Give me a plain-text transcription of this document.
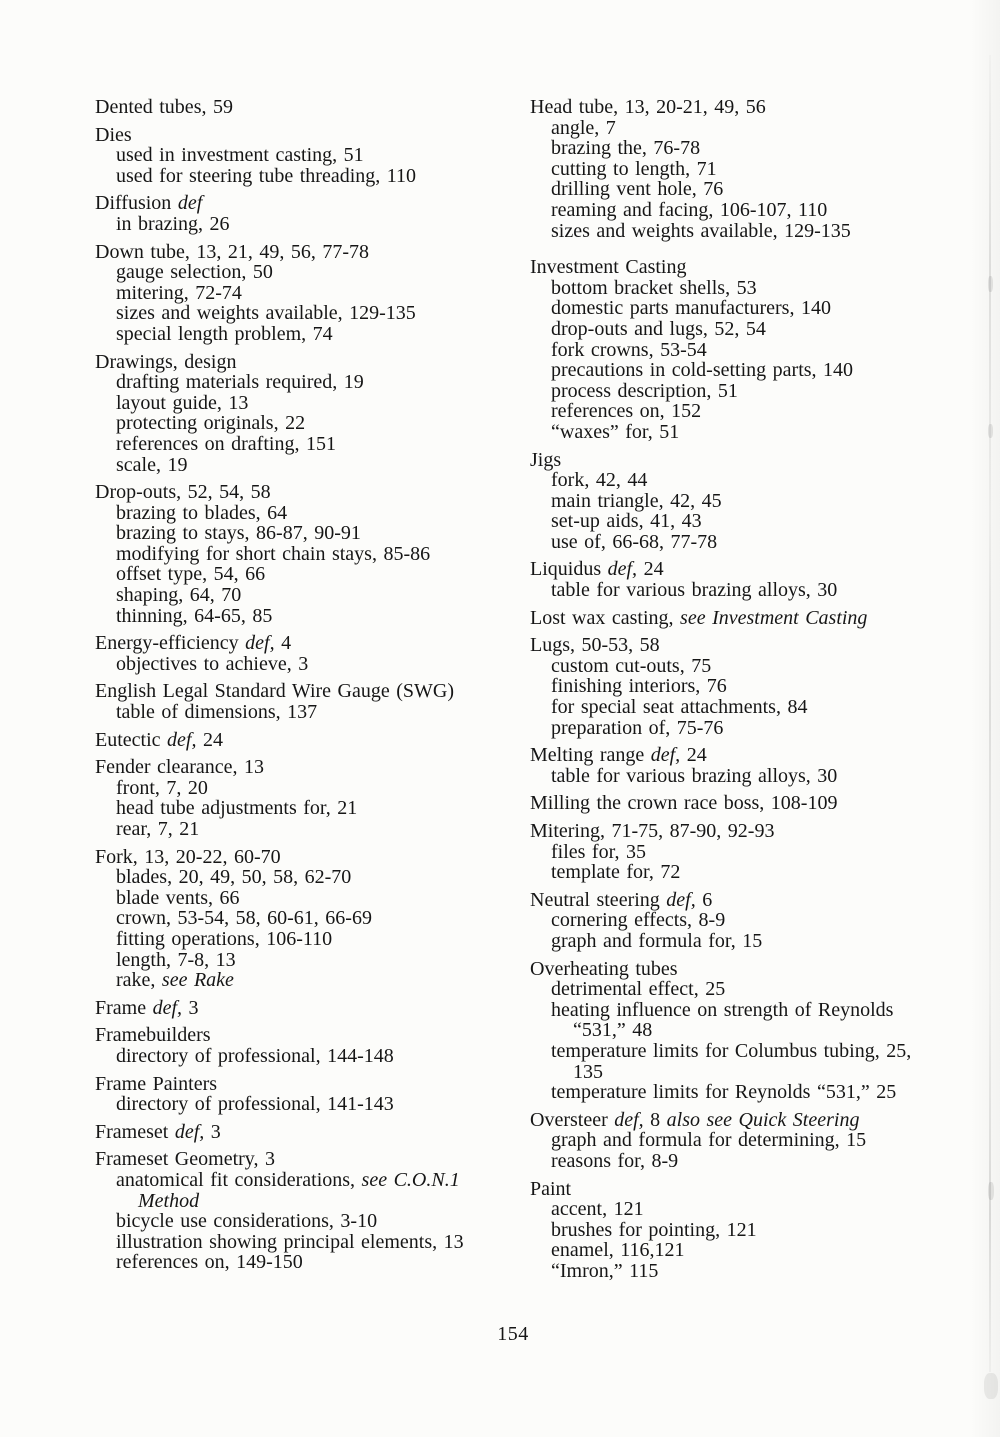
Dented tubes, 59
Dies
used in investment casting, 51
used for steering tube threading, 110
Diffusion def
in brazing, 26
Down tube, 13, 21, 49, 56, 77-78
gauge selection, 50
mitering, 72-74
sizes and weights available, 129-135
special length problem, 74
Drawings, design
drafting materials required, 19
layout guide, 13
protecting originals, 22
references on drafting, 151
scale, 19
Drop-outs, 52, 54, 58
brazing to blades, 64
brazing to stays, 86-87, 90-91
modifying for short chain stays, 85-86
offset type, 54, 66
shaping, 64, 70
thinning, 64-65, 85
Energy-efficiency def, 4
objectives to achieve, 3
English Legal Standard Wire Gauge (SWG)
table of dimensions, 137
Eutectic def, 24
Fender clearance, 13
front, 7, 20
head tube adjustments for, 21
rear, 7, 21
Fork, 13, 20-22, 60-70
blades, 20, 49, 50, 58, 62-70
blade vents, 66
crown, 53-54, 58, 60-61, 66-69
fitting operations, 106-110
length, 7-8, 13
rake, see Rake
Frame def, 3
Framebuilders
directory of professional, 144-148
Frame Painters
directory of professional, 141-143
Frameset def, 3
Frameset Geometry, 3
anatomical fit considerations, see C.O.N.1
Method
bicycle use considerations, 3-10
illustration showing principal elements, 13
references on, 149-150
Head tube, 13, 20-21, 49, 56
angle, 7
brazing the, 76-78
cutting to length, 71
drilling vent hole, 76
reaming and facing, 106-107, 110
sizes and weights available, 129-135
Investment Casting
bottom bracket shells, 53
domestic parts manufacturers, 140
drop-outs and lugs, 52, 54
fork crowns, 53-54
precautions in cold-setting parts, 140
process description, 51
references on, 152
“waxes” for, 51
Jigs
fork, 42, 44
main triangle, 42, 45
set-up aids, 41, 43
use of, 66-68, 77-78
Liquidus def, 24
table for various brazing alloys, 30
Lost wax casting, see Investment Casting
Lugs, 50-53, 58
custom cut-outs, 75
finishing interiors, 76
for special seat attachments, 84
preparation of, 75-76
Melting range def, 24
table for various brazing alloys, 30
Milling the crown race boss, 108-109
Mitering, 71-75, 87-90, 92-93
files for, 35
template for, 72
Neutral steering def, 6
cornering effects, 8-9
graph and formula for, 15
Overheating tubes
detrimental effect, 25
heating influence on strength of Reynolds
“531,” 48
temperature limits for Columbus tubing, 25,
135
temperature limits for Reynolds “531,” 25
Oversteer def, 8 also see Quick Steering
graph and formula for determining, 15
reasons for, 8-9
Paint
accent, 121
brushes for pointing, 121
enamel, 116,121
“Imron,” 115
154
